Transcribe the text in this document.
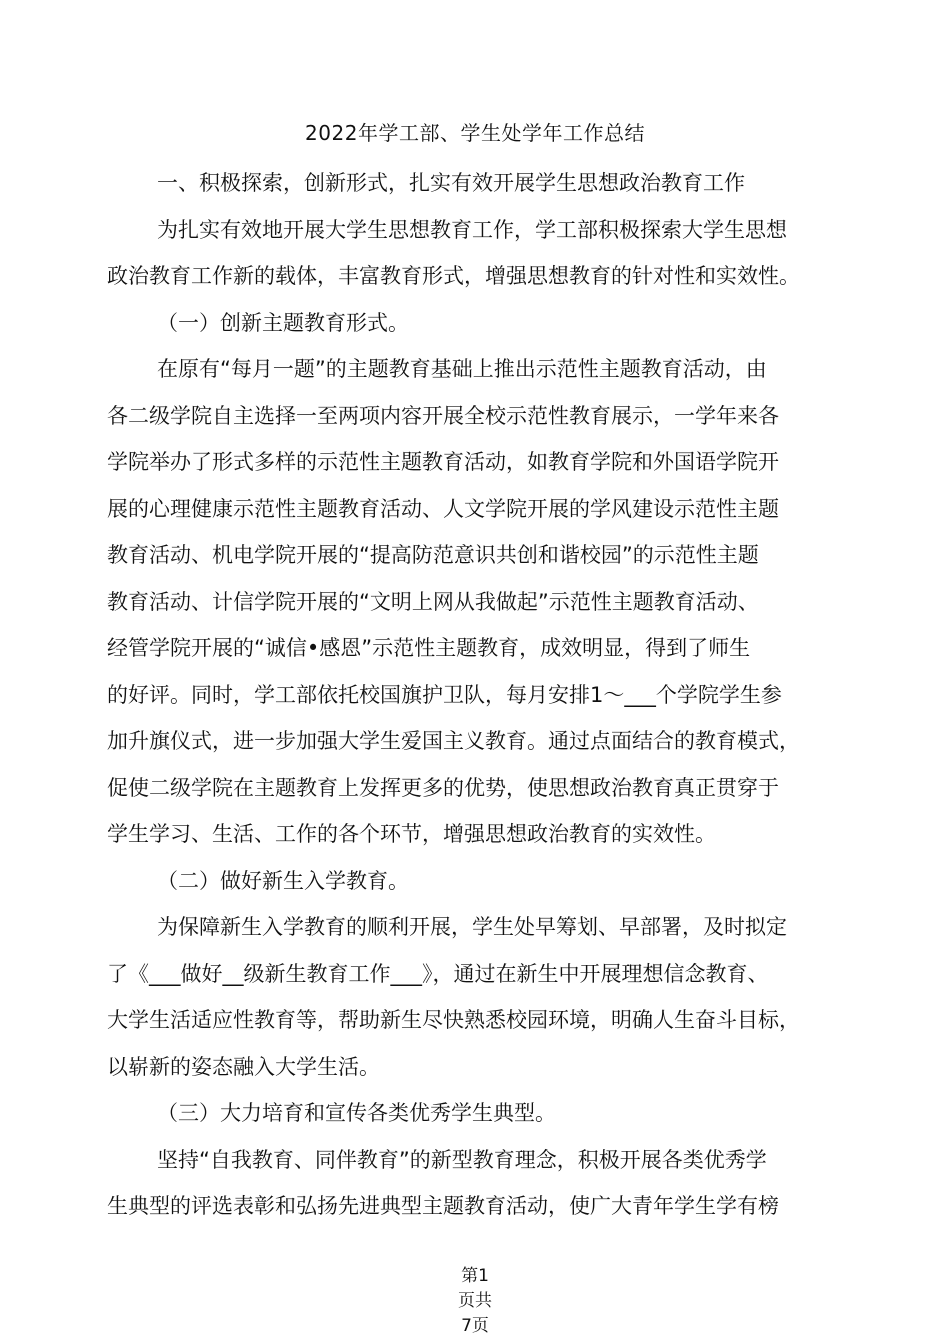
2022年学工部、学生处学年工作总结
一、积极探索，创新形式，扎实有效开展学生思想政治教育工作
为扎实有效地开展大学生思想教育工作，学工部积极探索大学生思想
政治教育工作新的载体，丰富教育形式，增强思想教育的针对性和实效性。
（一）创新主题教育形式。
在原有“每月一题”的主题教育基础上推出示范性主题教育活动，由
各二级学院自主选择一至两项内容开展全校示范性教育展示，一学年来各
学院举办了形式多样的示范性主题教育活动，如教育学院和外国语学院开
展的心理健康示范性主题教育活动、人文学院开展的学风建设示范性主题
教育活动、机电学院开展的“提高防范意识共创和谐校园”的示范性主题
教育活动、计信学院开展的“文明上网从我做起”示范性主题教育活动、
经管学院开展的“诚信•感恩”示范性主题教育，成效明显，得到了师生
的好评。同时，学工部依托校国旗护卫队，每月安排1～___个学院学生参
加升旗仪式，进一步加强大学生爱国主义教育。通过点面结合的教育模式，
促使二级学院在主题教育上发挥更多的优势，使思想政治教育真正贯穿于
学生学习、生活、工作的各个环节，增强思想政治教育的实效性。
（二）做好新生入学教育。
为保障新生入学教育的顺利开展，学生处早筹划、早部署，及时拟定
了《___做好__级新生教育工作___》，通过在新生中开展理想信念教育、
大学生活适应性教育等，帮助新生尽快熟悉校园环境，明确人生奋斗目标，
以崭新的姿态融入大学生活。
（三）大力培育和宣传各类优秀学生典型。
坚持“自我教育、同伴教育”的新型教育理念，积极开展各类优秀学
生典型的评选表彰和弘扬先进典型主题教育活动，使广大青年学生学有榜
第1
页共
7页
